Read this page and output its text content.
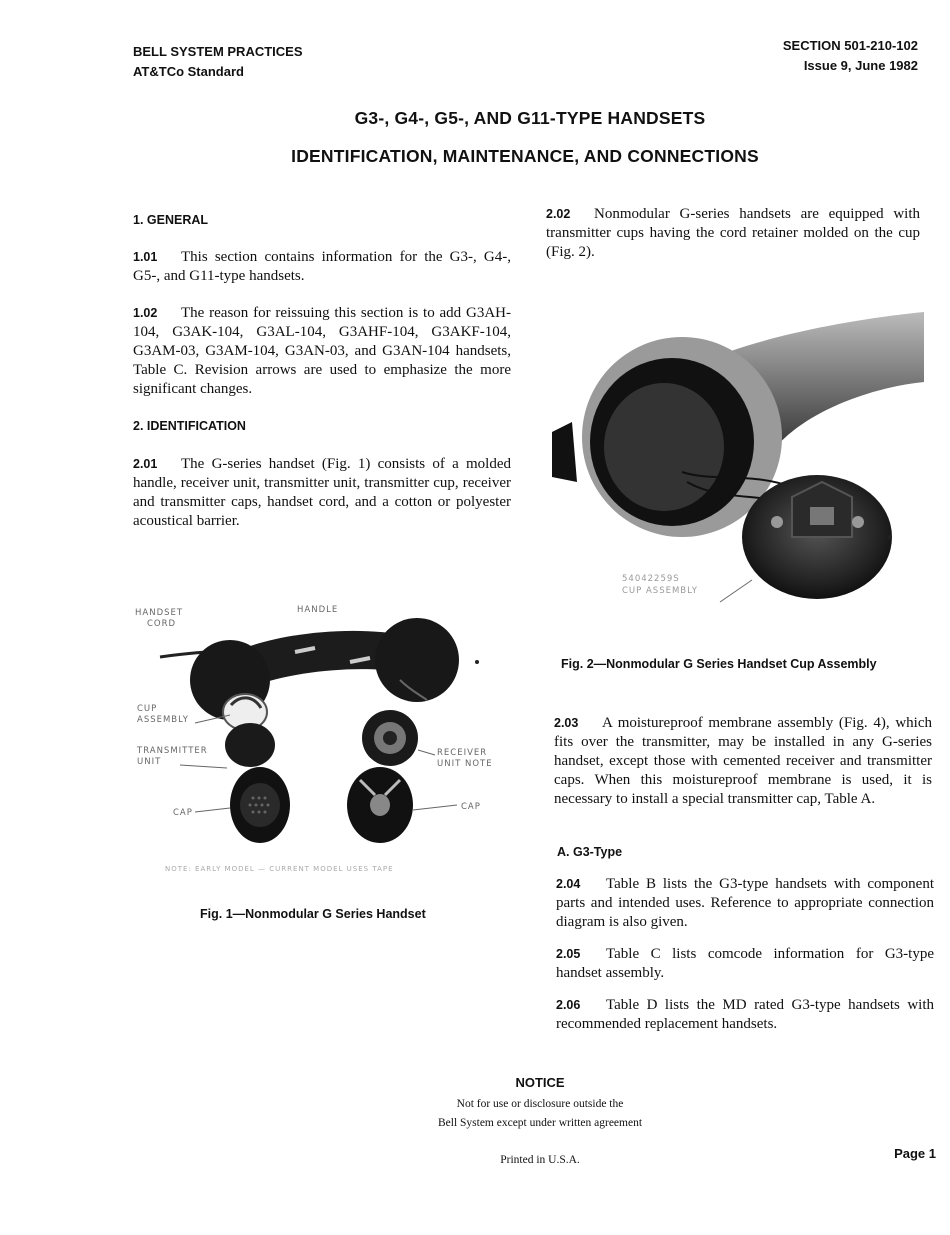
BELL SYSTEM PRACTICES
AT&TCo Standard
SECTION 501-210-102
Issue 9, June 1982
G3-, G4-, G5-, AND G11-TYPE HANDSETS
IDENTIFICATION, MAINTENANCE, AND CONNECTIONS
1. GENERAL
1.01 This section contains information for the G3-, G4-, G5-, and G11-type handsets.
1.02 The reason for reissuing this section is to add G3AH-104, G3AK-104, G3AL-104, G3AHF-104, G3AKF-104, G3AM-03, G3AM-104, G3AN-03, and G3AN-104 handsets, Table C. Revision arrows are used to emphasize the more significant changes.
2. IDENTIFICATION
2.01 The G-series handset (Fig. 1) consists of a molded handle, receiver unit, transmitter unit, transmitter cup, receiver and transmitter caps, handset cord, and a cotton or polyester acoustical barrier.
HANDSET
CORD
HANDLE
CUP
ASSEMBLY
TRANSMITTER
UNIT
RECEIVER
UNIT NOTE
CAP
CAP
NOTE: EARLY MODEL — CURRENT MODEL USES TAPE
Fig. 1—Nonmodular G Series Handset
2.02 Nonmodular G-series handsets are equipped with transmitter cups having the cord retainer molded on the cup (Fig. 2).
54042259S
CUP ASSEMBLY
Fig. 2—Nonmodular G Series Handset Cup Assembly
2.03 A moistureproof membrane assembly (Fig. 4), which fits over the transmitter, may be installed in any G-series handset, except those with cemented receiver and transmitter caps. When this moistureproof membrane is used, it is necessary to install a special transmitter cap, Table A.
A. G3-Type
2.04 Table B lists the G3-type handsets with component parts and intended uses. Reference to appropriate connection diagram is also given.
2.05 Table C lists comcode information for G3-type handset assembly.
2.06 Table D lists the MD rated G3-type handsets with recommended replacement handsets.
NOTICE
Not for use or disclosure outside the
Bell System except under written agreement
Printed in U.S.A.	Page 1
